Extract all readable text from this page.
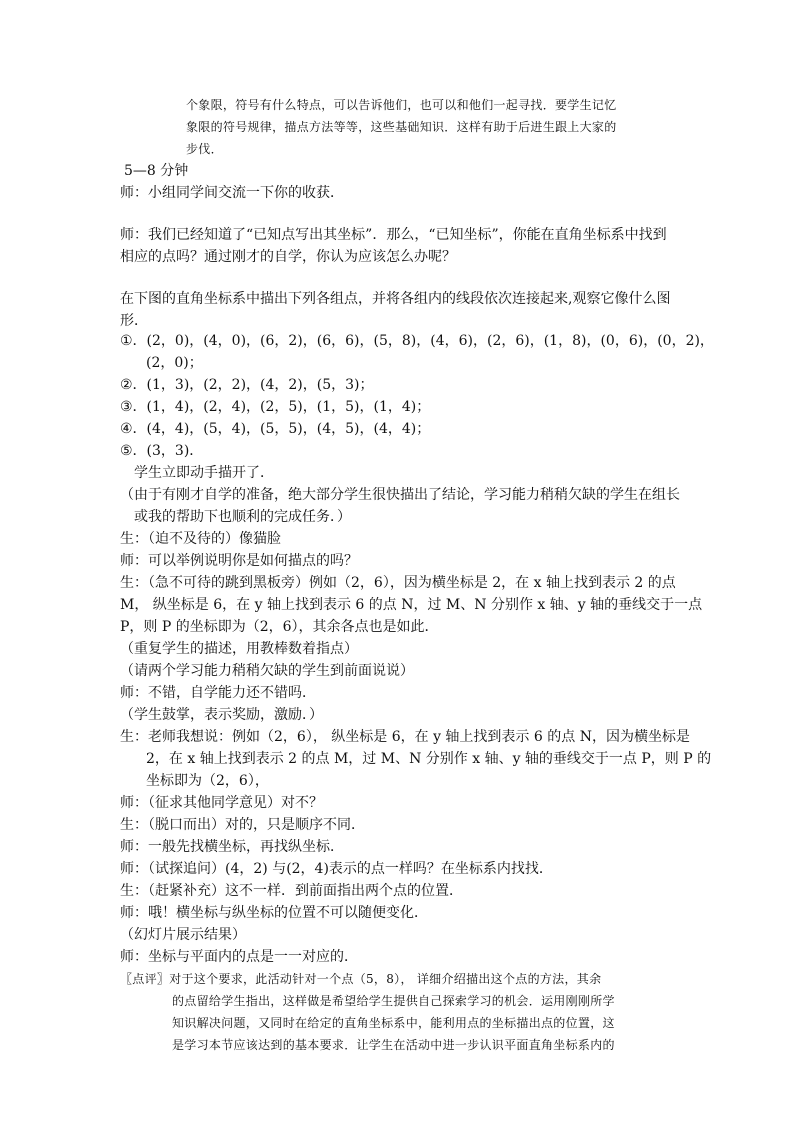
个象限，符号有什么特点，可以告诉他们，也可以和他们一起寻找．要学生记忆
象限的符号规律，描点方法等等，这些基础知识．这样有助于后进生跟上大家的
步伐．
5—8 分钟
师：小组同学间交流一下你的收获．
师：我们已经知道了“已知点写出其坐标”．那么，“已知坐标”，你能在直角坐标系中找到
相应的点吗？通过刚才的自学，你认为应该怎么办呢？
在下图的直角坐标系中描出下列各组点，并将各组内的线段依次连接起来,观察它像什么图
形．
①．(2，0)，(4，0)，(6，2)，(6，6)，(5，8)，(4，6)，(2，6)，(1，8)，(0，6)，(0，2)，
(2，0)；
②．(1，3)，(2，2)，(4，2)，(5，3)；
③．(1，4)，(2，4)，(2，5)，(1，5)，(1，4)；
④．(4，4)，(5，4)，(5，5)，(4，5)，(4，4)；
⑤．(3，3)．
学生立即动手描开了．
（由于有刚才自学的准备，绝大部分学生很快描出了结论，学习能力稍稍欠缺的学生在组长
或我的帮助下也顺利的完成任务．）
生：（迫不及待的）像猫脸
师：可以举例说明你是如何描点的吗？
生：（急不可待的跳到黑板旁）例如（2，6），因为横坐标是 2，在 x 轴上找到表示 2 的点
M， 纵坐标是 6，在 y 轴上找到表示 6 的点 N，过 M、N 分别作 x 轴、y 轴的垂线交于一点
P，则 P 的坐标即为（2，6），其余各点也是如此．
（重复学生的描述，用教棒数着指点）
（请两个学习能力稍稍欠缺的学生到前面说说）
师：不错，自学能力还不错吗．
（学生鼓掌，表示奖励，激励．）
生：老师我想说：例如（2，6）， 纵坐标是 6，在 y 轴上找到表示 6 的点 N，因为横坐标是
2，在 x 轴上找到表示 2 的点 M，过 M、N 分别作 x 轴、y 轴的垂线交于一点 P，则 P 的
坐标即为（2，6），
师：（征求其他同学意见）对不？
生：（脱口而出）对的，只是顺序不同．
师：一般先找横坐标，再找纵坐标．
师：（试探追问）(4，2) 与(2，4)表示的点一样吗？在坐标系内找找．
生：（赶紧补充）这不一样．到前面指出两个点的位置．
师：哦！横坐标与纵坐标的位置不可以随便变化．
（幻灯片展示结果）
师：坐标与平面内的点是一一对应的．
〖点评〗对于这个要求，此活动针对一个点（5，8）， 详细介绍描出这个点的方法，其余
的点留给学生指出，这样做是希望给学生提供自己探索学习的机会．运用刚刚所学
知识解决问题，又同时在给定的直角坐标系中，能利用点的坐标描出点的位置，这
是学习本节应该达到的基本要求．让学生在活动中进一步认识平面直角坐标系内的
